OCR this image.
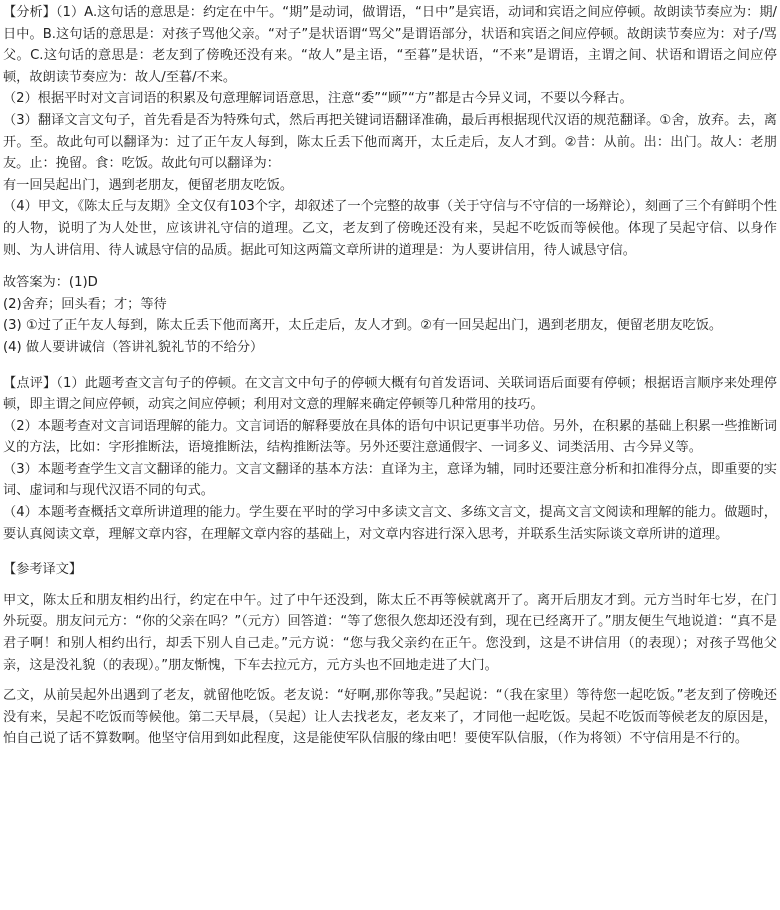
【分析】（1）A.这句话的意思是：约定在中午。“期”是动词，做谓语，“日中”是宾语，动词和宾语之间应停顿。故朗读节奏应为：期/日中。B.这句话的意思是：对孩子骂他父亲。“对子”是状语谓“骂父”是谓语部分，状语和宾语之间应停顿。故朗读节奏应为：对子/骂父。C.这句话的意思是：老友到了傍晚还没有来。“故人”是主语，“至暮”是状语，“不来”是谓语，主谓之间、状语和谓语之间应停顿，故朗读节奏应为：故人/至暮/不来。

（2）根据平时对文言词语的积累及句意理解词语意思，注意“委”“顾”“方”都是古今异义词，不要以今释古。

（3）翻译文言文句子，首先看是否为特殊句式，然后再把关键词语翻译准确，最后再根据现代汉语的规范翻译。①舍，放弃。去，离开。至。故此句可以翻译为：过了正午友人每到，陈太丘丢下他而离开，太丘走后，友人才到。②昔：从前。出：出门。故人：老朋友。止：挽留。食：吃饭。故此句可以翻译为：

有一回吴起出门，遇到老朋友，便留老朋友吃饭。

（4）甲文，《陈太丘与友期》全文仅有103个字，却叙述了一个完整的故事（关于守信与不守信的一场辩论），刻画了三个有鲜明个性的人物，说明了为人处世，应该讲礼守信的道理。乙文，老友到了傍晚还没有来，吴起不吃饭而等候他。体现了吴起守信、以身作则、为人讲信用、待人诚恳守信的品质。据此可知这两篇文章所讲的道理是：为人要讲信用，待人诚恳守信。

故答案为：(1)D

(2)舍弃；回头看；才；等待

(3) ①过了正午友人每到，陈太丘丢下他而离开，太丘走后，友人才到。②有一回吴起出门，遇到老朋友，便留老朋友吃饭。

(4) 做人要讲诚信（答讲礼貌礼节的不给分）

【点评】（1）此题考查文言句子的停顿。在文言文中句子的停顿大概有句首发语词、关联词语后面要有停顿；根据语言顺序来处理停顿，即主谓之间应停顿，动宾之间应停顿；利用对文意的理解来确定停顿等几种常用的技巧。

（2）本题考查对文言词语理解的能力。文言词语的解释要放在具体的语句中识记更事半功倍。另外，在积累的基础上积累一些推断词义的方法，比如：字形推断法，语境推断法，结构推断法等。另外还要注意通假字、一词多义、词类活用、古今异义等。

（3）本题考查学生文言文翻译的能力。文言文翻译的基本方法：直译为主，意译为辅，同时还要注意分析和扣准得分点，即重要的实词、虚词和与现代汉语不同的句式。

（4）本题考查概括文章所讲道理的能力。学生要在平时的学习中多读文言文、多练文言文，提高文言文阅读和理解的能力。做题时，要认真阅读文章，理解文章内容，在理解文章内容的基础上，对文章内容进行深入思考，并联系生活实际谈文章所讲的道理。

【参考译文】

甲文，陈太丘和朋友相约出行，约定在中午。过了中午还没到，陈太丘不再等候就离开了。离开后朋友才到。元方当时年七岁，在门外玩耍。朋友问元方：“你的父亲在吗？”（元方）回答道：“等了您很久您却还没有到，现在已经离开了。”朋友便生气地说道：“真不是君子啊！和别人相约出行，却丢下别人自己走。”元方说：“您与我父亲约在正午。您没到，这是不讲信用（的表现）；对孩子骂他父亲，这是没礼貌（的表现）。”朋友惭愧，下车去拉元方，元方头也不回地走进了大门。

乙文，从前吴起外出遇到了老友，就留他吃饭。老友说：“好啊,那你等我。”吴起说：“（我在家里）等待您一起吃饭。”老友到了傍晚还没有来，吴起不吃饭而等候他。第二天早晨，（吴起）让人去找老友，老友来了，才同他一起吃饭。吴起不吃饭而等候老友的原因是，怕自己说了话不算数啊。他坚守信用到如此程度，这是能使军队信服的缘由吧！要使军队信服，（作为将领）不守信用是不行的。
